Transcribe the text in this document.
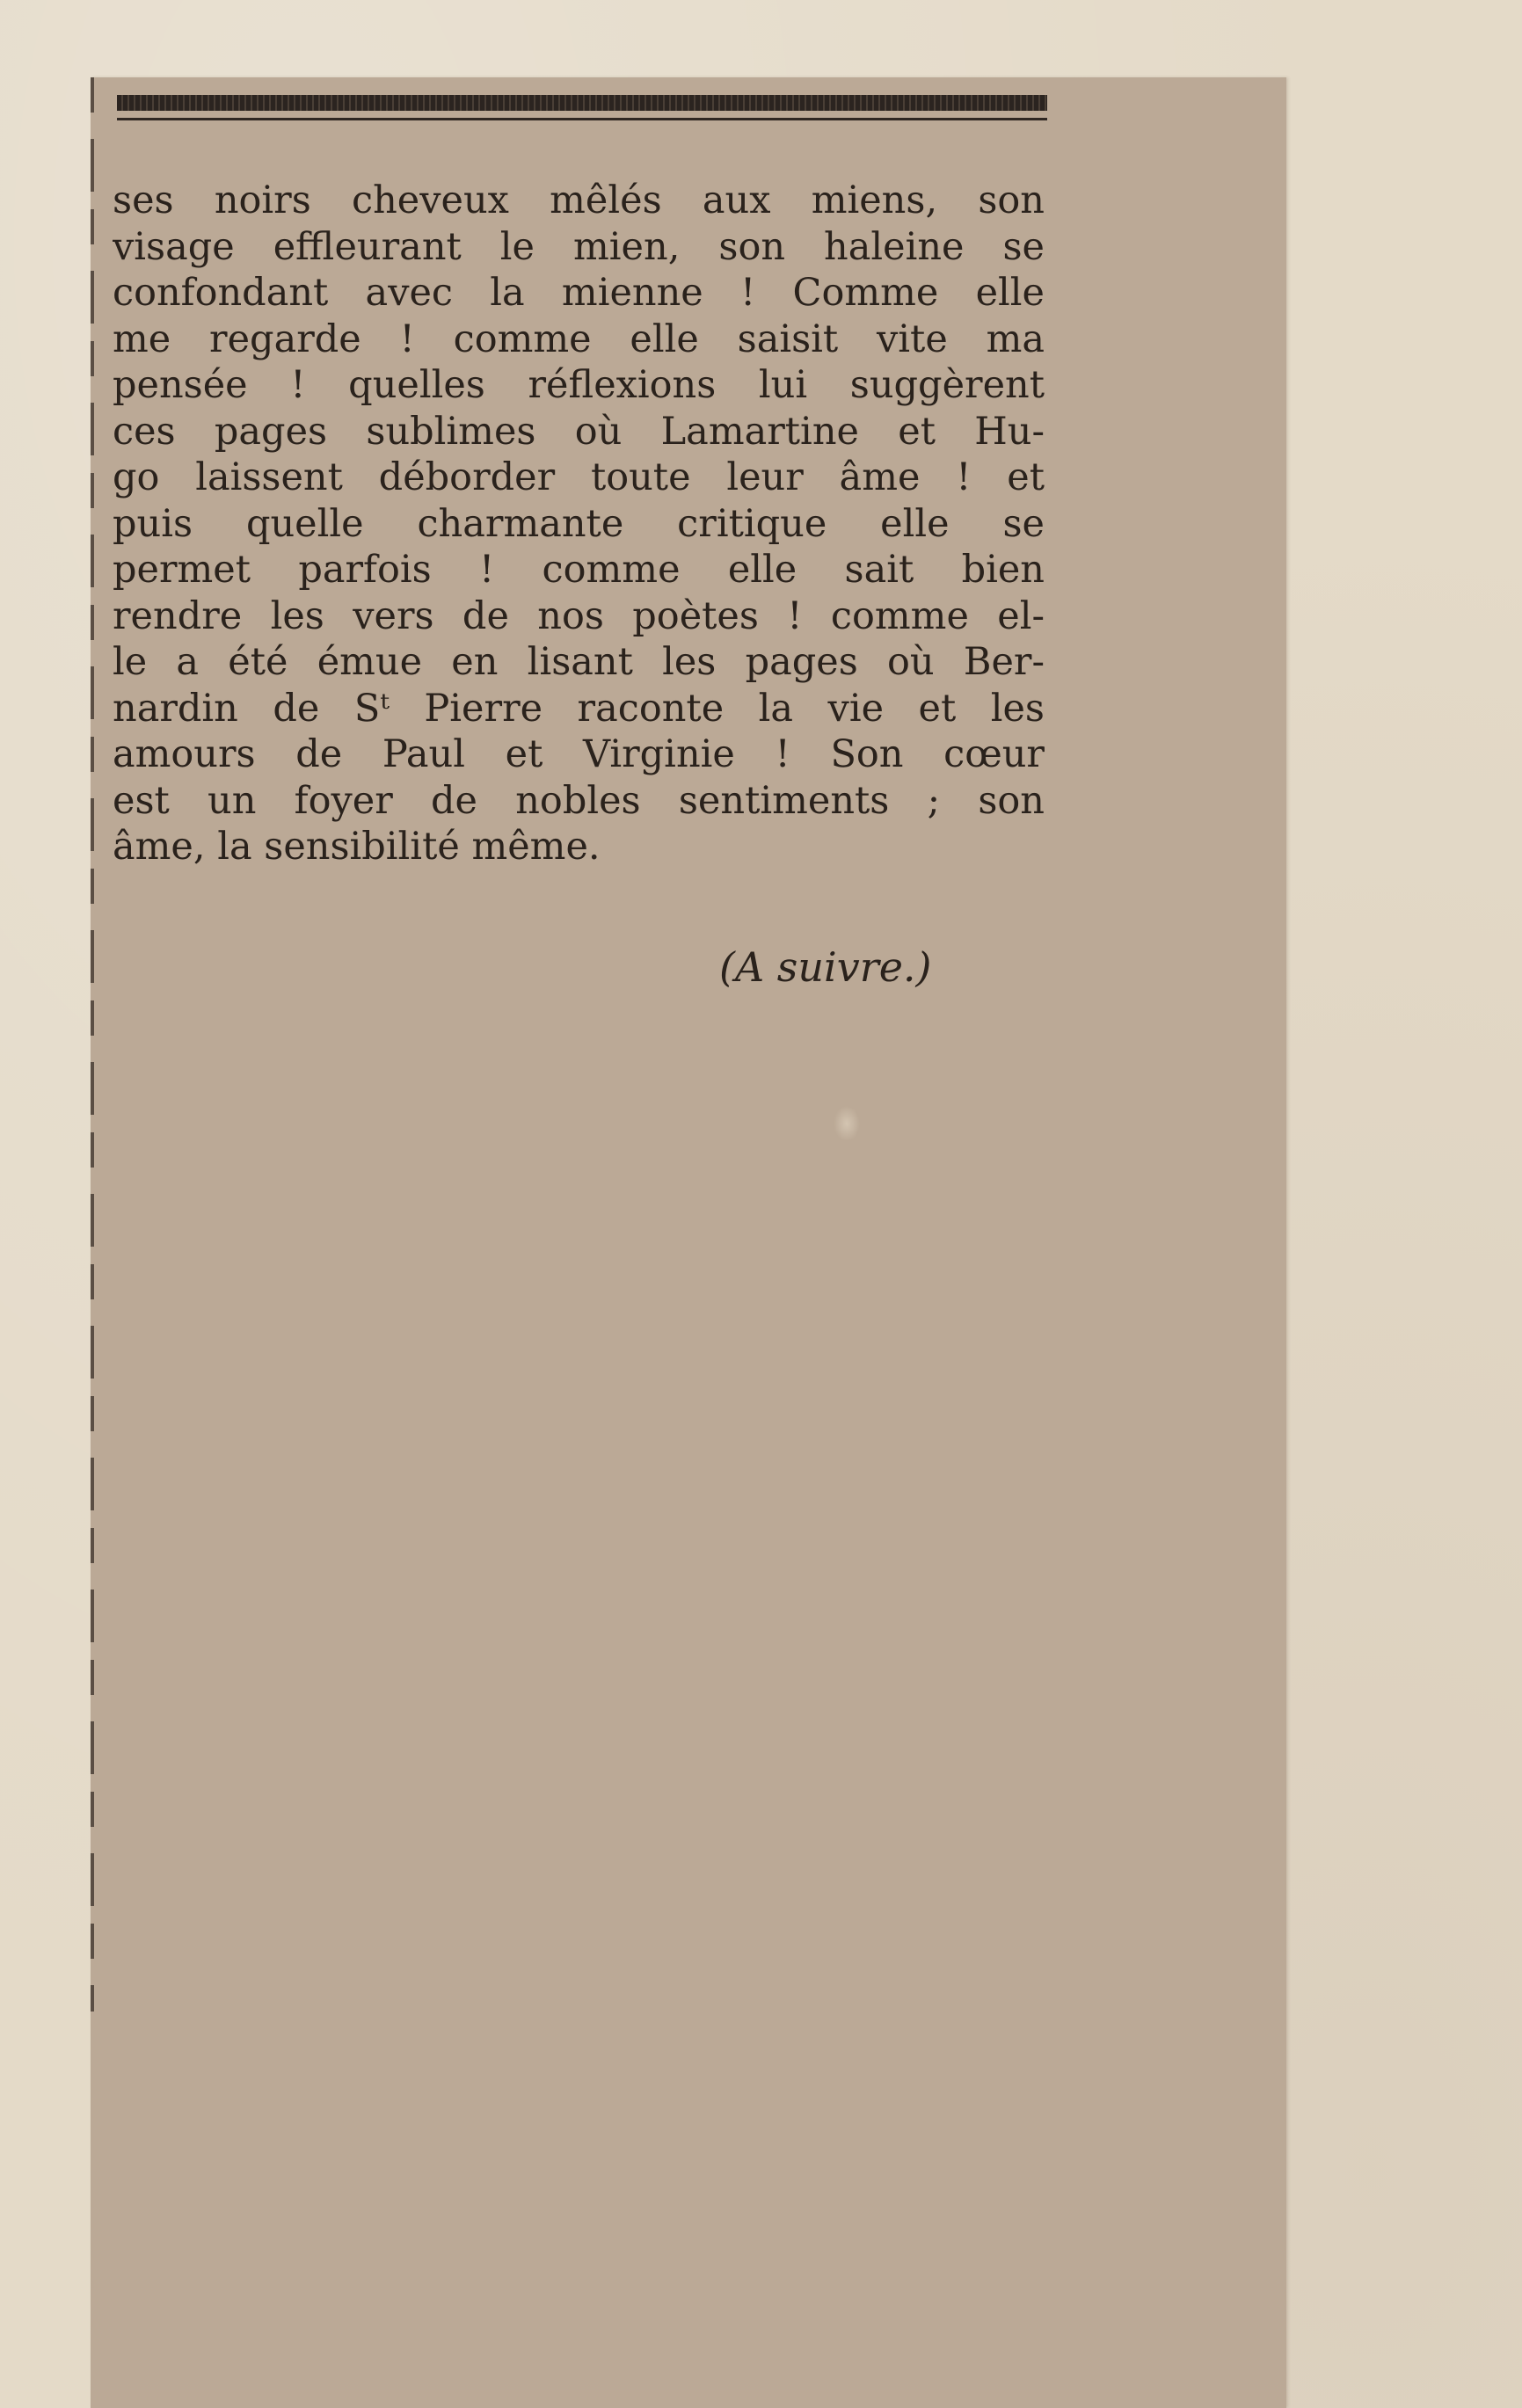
ses noirs cheveux mêlés aux miens, son
visage effleurant le mien, son haleine se
confondant avec la mienne ! Comme elle
me regarde ! comme elle saisit vite ma
pensée ! quelles réflexions lui suggèrent
ces pages sublimes où Lamartine et Hu-
go laissent déborder toute leur âme ! et
puis quelle charmante critique elle se
permet parfois ! comme elle sait bien
rendre les vers de nos poètes ! comme el-
le a été émue en lisant les pages où Ber-
nardin de Sᵗ Pierre raconte la vie et les
amours de Paul et Virginie ! Son cœur
est un foyer de nobles sentiments ; son
âme, la sensibilité même.

(A suivre.)
